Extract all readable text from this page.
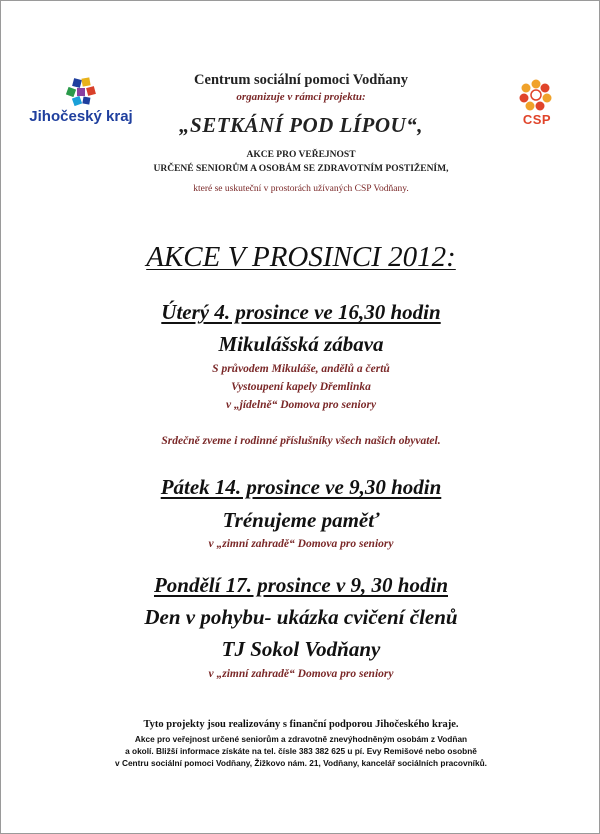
Jihočeský kraj	CSP
Centrum sociální pomoci Vodňany
organizuje v rámci projektu:
„SETKÁNÍ POD LÍPOU“,
AKCE PRO VEŘEJNOST
URČENÉ SENIORŮM A OSOBÁM SE ZDRAVOTNÍM POSTIŽENÍM,
které se uskuteční v prostorách užívaných CSP Vodňany.
AKCE V PROSINCI 2012:
Úterý 4. prosince ve 16,30 hodin
Mikulášská zábava
S průvodem Mikuláše, andělů a čertů
Vystoupení kapely Dřemlinka
v „jídelně“ Domova pro seniory
Srdečně zveme i rodinné příslušníky všech našich obyvatel.
Pátek 14. prosince ve 9,30 hodin
Trénujeme paměť
v „zimní zahradě“ Domova pro seniory
Pondělí 17. prosince v 9, 30 hodin
Den v pohybu- ukázka cvičení členů
TJ Sokol Vodňany
v „zimní zahradě“ Domova pro seniory
Tyto projekty jsou realizovány s finanční podporou Jihočeského kraje.
Akce pro veřejnost určené seniorům a zdravotně znevýhodněným osobám z Vodňan
a okolí. Bližší informace získáte na tel. čísle 383 382 625 u pí. Evy Remišové nebo osobně
v Centru sociální pomoci Vodňany, Žižkovo nám. 21, Vodňany, kancelář sociálních pracovníků.
